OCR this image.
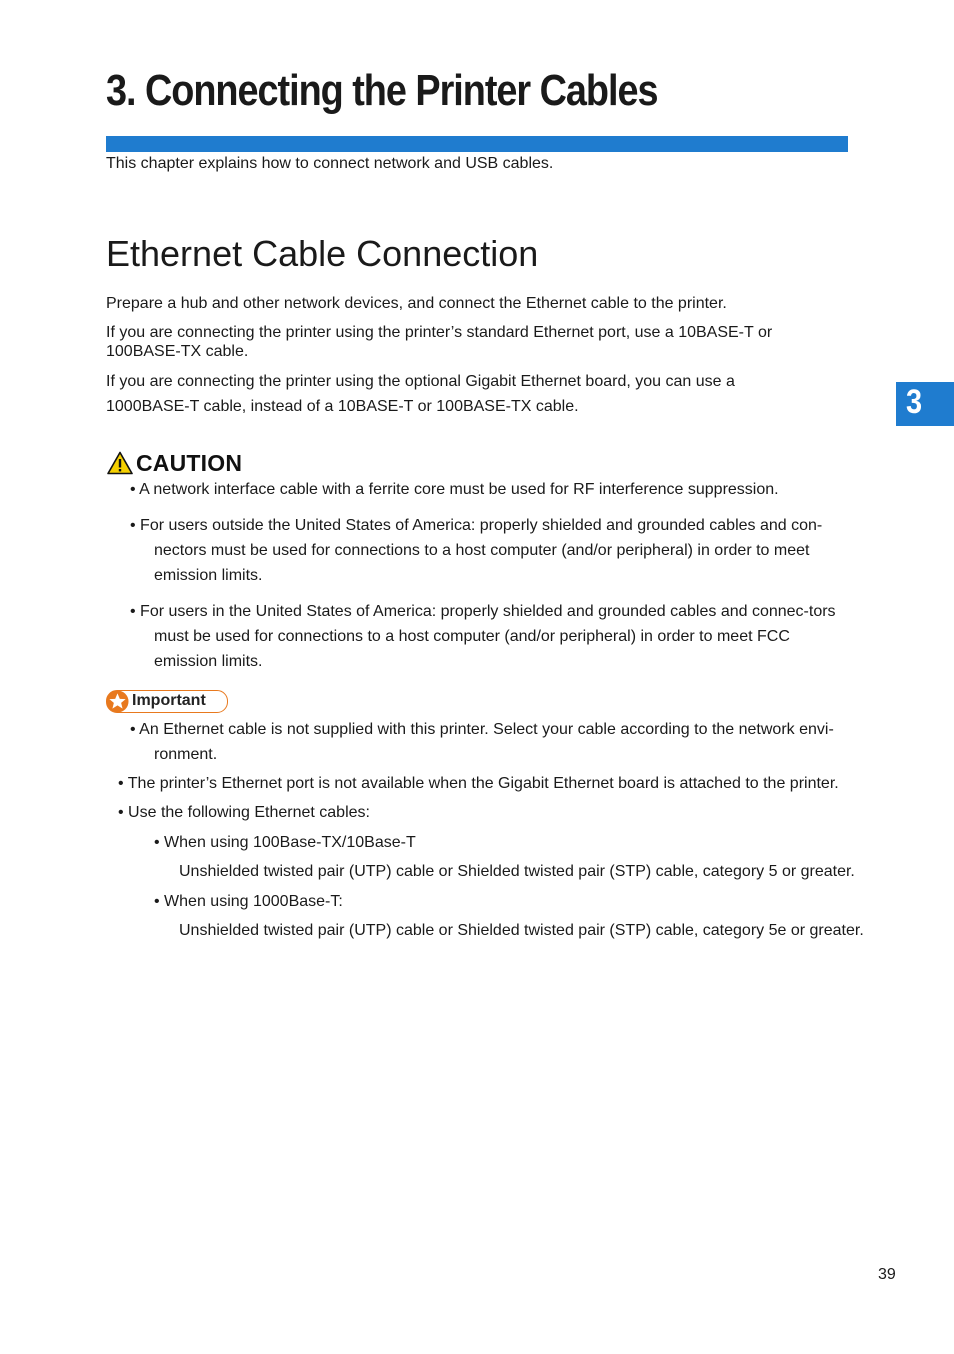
3. Connecting the Printer Cables
This chapter explains how to connect network and USB cables.
Ethernet Cable Connection
Prepare a hub and other network devices, and connect the Ethernet cable to the printer.
If you are connecting the printer using the printer’s standard Ethernet port, use a 10BASE-T or 100BASE-TX cable.
If you are connecting the printer using the optional Gigabit Ethernet board, you can use a 1000BASE-T cable, instead of a 10BASE-T or 100BASE-TX cable.	3
CAUTION
• A network interface cable with a ferrite core must be used for RF interference suppression.
• For users outside the United States of America: properly shielded and grounded cables and con-nectors must be used for connections to a host computer (and/or peripheral) in order to meet emission limits.
• For users in the United States of America: properly shielded and grounded cables and connec-tors must be used for connections to a host computer (and/or peripheral) in order to meet FCC emission limits.
Important
• An Ethernet cable is not supplied with this printer. Select your cable according to the network envi-ronment.
• The printer’s Ethernet port is not available when the Gigabit Ethernet board is attached to the printer.
• Use the following Ethernet cables:
• When using 100Base-TX/10Base-T
Unshielded twisted pair (UTP) cable or Shielded twisted pair (STP) cable, category 5 or greater.
• When using 1000Base-T:
Unshielded twisted pair (UTP) cable or Shielded twisted pair (STP) cable, category 5e or greater.
39
